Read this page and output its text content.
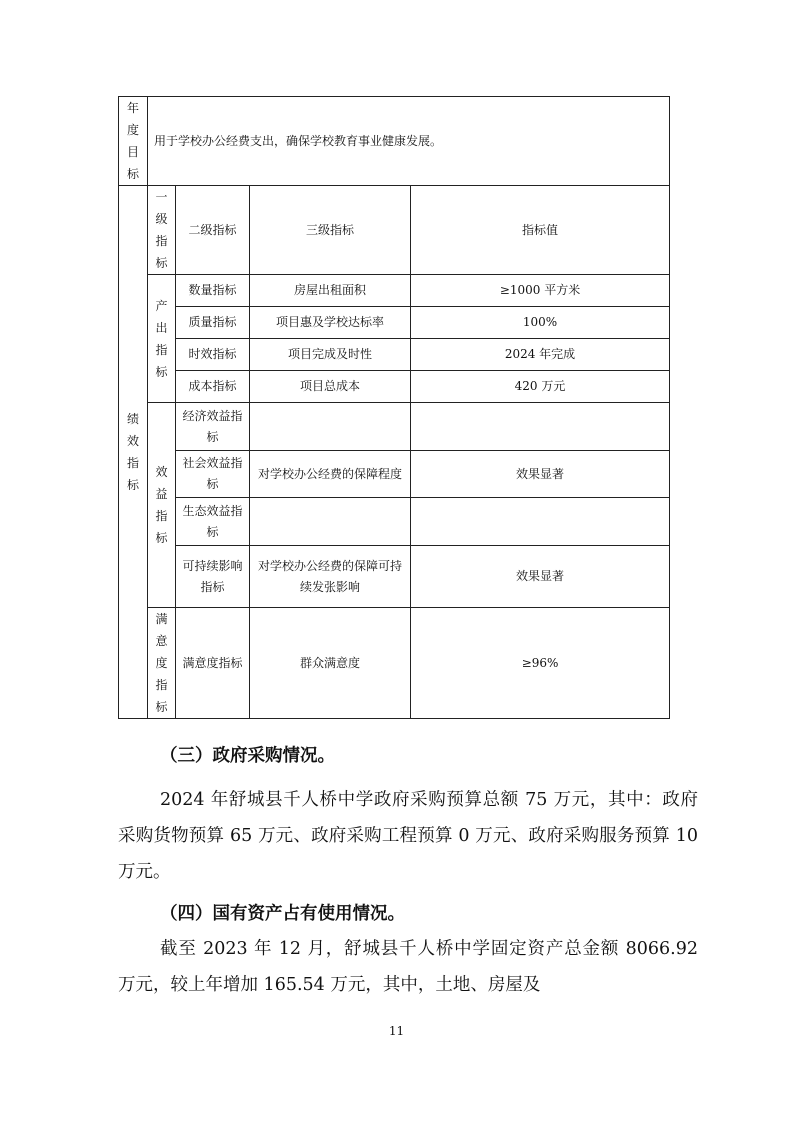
年度目标	用于学校办公经费支出，确保学校教育事业健康发展。			
绩效指标	一级指标	二级指标	三级指标	指标值
	产出指标	数量指标	房屋出租面积	≥1000 平方米
		质量指标	项目惠及学校达标率	100%
		时效指标	项目完成及时性	2024 年完成
		成本指标	项目总成本	420 万元
	效益指标	经济效益指标		
		社会效益指标	对学校办公经费的保障程度	效果显著
		生态效益指标		
		可持续影响指标	对学校办公经费的保障可持续发张影响	效果显著
	满意度指标	满意度指标	群众满意度	≥96%

（三）政府采购情况。

2024 年舒城县千人桥中学政府采购预算总额 75 万元，其中：政府采购货物预算 65 万元、政府采购工程预算 0 万元、政府采购服务预算 10 万元。

（四）国有资产占有使用情况。

截至 2023 年 12 月，舒城县千人桥中学固定资产总金额 8066.92 万元，较上年增加 165.54 万元，其中，土地、房屋及

11
